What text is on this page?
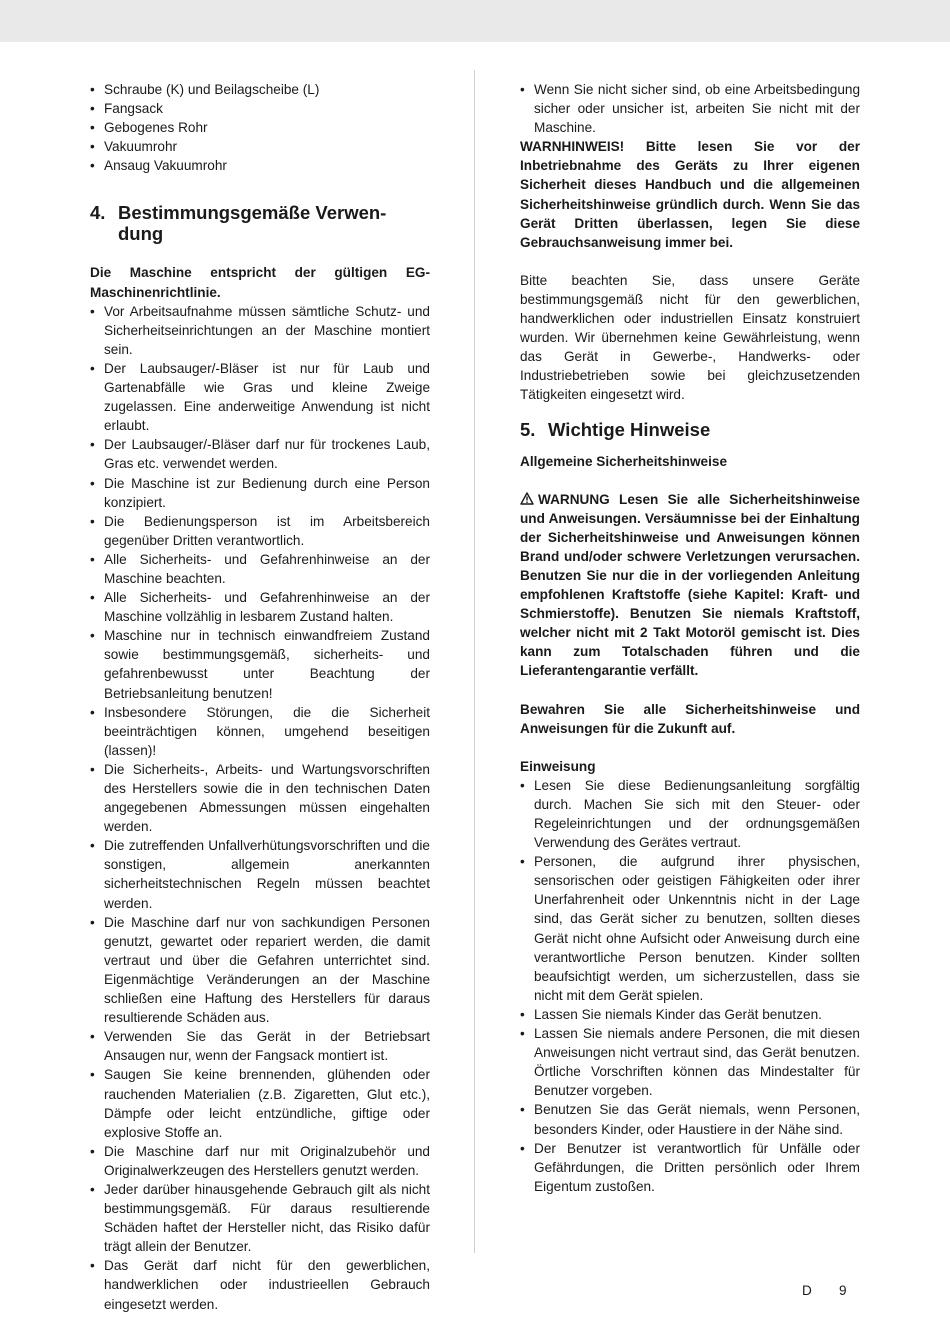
• Schraube (K) und Beilagscheibe (L)
• Fangsack
• Gebogenes Rohr
• Vakuumrohr
• Ansaug Vakuumrohr
4. Bestimmungsgemäße Verwen-dung

Die Maschine entspricht der gültigen EG-Maschinenrichtlinie.

• Vor Arbeitsaufnahme müssen sämtliche Schutz- und Sicherheitseinrichtungen an der Maschine montiert sein.
• Der Laubsauger/-Bläser ist nur für Laub und Gartenabfälle wie Gras und kleine Zweige zugelassen. Eine anderweitige Anwendung ist nicht erlaubt.
• Der Laubsauger/-Bläser darf nur für trockenes Laub, Gras etc. verwendet werden.
• Die Maschine ist zur Bedienung durch eine Person konzipiert.
• Die Bedienungsperson ist im Arbeitsbereich gegenüber Dritten verantwortlich.
• Alle Sicherheits- und Gefahrenhinweise an der Maschine beachten.
• Alle Sicherheits- und Gefahrenhinweise an der Maschine vollzählig in lesbarem Zustand halten.
• Maschine nur in technisch einwandfreiem Zustand sowie bestimmungsgemäß, sicherheits- und gefahrenbewusst unter Beachtung der Betriebsanleitung benutzen!
• Insbesondere Störungen, die die Sicherheit beeinträchtigen können, umgehend beseitigen (lassen)!
• Die Sicherheits-, Arbeits- und Wartungsvorschriften des Herstellers sowie die in den technischen Daten angegebenen Abmessungen müssen eingehalten werden.
• Die zutreffenden Unfallverhütungsvorschriften und die sonstigen, allgemein anerkannten sicherheitstechnischen Regeln müssen beachtet werden.
• Die Maschine darf nur von sachkundigen Personen genutzt, gewartet oder repariert werden, die damit vertraut und über die Gefahren unterrichtet sind. Eigenmächtige Veränderungen an der Maschine schließen eine Haftung des Herstellers für daraus resultierende Schäden aus.
• Verwenden Sie das Gerät in der Betriebsart Ansaugen nur, wenn der Fangsack montiert ist.
• Saugen Sie keine brennenden, glühenden oder rauchenden Materialien (z.B. Zigaretten, Glut etc.), Dämpfe oder leicht entzündliche, giftige oder explosive Stoffe an.
• Die Maschine darf nur mit Originalzubehör und Originalwerkzeugen des Herstellers genutzt werden.
• Jeder darüber hinausgehende Gebrauch gilt als nicht bestimmungsgemäß. Für daraus resultierende Schäden haftet der Hersteller nicht, das Risiko dafür trägt allein der Benutzer.
• Das Gerät darf nicht für den gewerblichen, handwerklichen oder industrieellen Gebrauch eingesetzt werden.
• Wenn Sie nicht sicher sind, ob eine Arbeitsbedingung sicher oder unsicher ist, arbeiten Sie nicht mit der Maschine.

WARNHINWEIS! Bitte lesen Sie vor der Inbetriebnahme des Geräts zu Ihrer eigenen Sicherheit dieses Handbuch und die allgemeinen Sicherheitshinweise gründlich durch. Wenn Sie das Gerät Dritten überlassen, legen Sie diese Gebrauchsanweisung immer bei.

Bitte beachten Sie, dass unsere Geräte bestimmungsgemäß nicht für den gewerblichen, handwerklichen oder industriellen Einsatz konstruiert wurden. Wir übernehmen keine Gewährleistung, wenn das Gerät in Gewerbe-, Handwerks- oder Industriebetrieben sowie bei gleichzusetzenden Tätigkeiten eingesetzt wird.

5. Wichtige Hinweise

Allgemeine Sicherheitshinweise

WARNUNG Lesen Sie alle Sicherheitshinweise und Anweisungen. Versäumnisse bei der Einhaltung der Sicherheitshinweise und Anweisungen können Brand und/oder schwere Verletzungen verursachen. Benutzen Sie nur die in der vorliegenden Anleitung empfohlenen Kraftstoffe (siehe Kapitel: Kraft- und Schmierstoffe). Benutzen Sie niemals Kraftstoff, welcher nicht mit 2 Takt Motoröl gemischt ist. Dies kann zum Totalschaden führen und die Lieferantengarantie verfällt.

Bewahren Sie alle Sicherheitshinweise und Anweisungen für die Zukunft auf.

Einweisung

• Lesen Sie diese Bedienungsanleitung sorgfältig durch. Machen Sie sich mit den Steuer- oder Regeleinrichtungen und der ordnungsgemäßen Verwendung des Gerätes vertraut.
• Personen, die aufgrund ihrer physischen, sensorischen oder geistigen Fähigkeiten oder ihrer Unerfahrenheit oder Unkenntnis nicht in der Lage sind, das Gerät sicher zu benutzen, sollten dieses Gerät nicht ohne Aufsicht oder Anweisung durch eine verantwortliche Person benutzen. Kinder sollten beaufsichtigt werden, um sicherzustellen, dass sie nicht mit dem Gerät spielen.
• Lassen Sie niemals Kinder das Gerät benutzen.
• Lassen Sie niemals andere Personen, die mit diesen Anweisungen nicht vertraut sind, das Gerät benutzen. Örtliche Vorschriften können das Mindestalter für Benutzer vorgeben.
• Benutzen Sie das Gerät niemals, wenn Personen, besonders Kinder, oder Haustiere in der Nähe sind.
• Der Benutzer ist verantwortlich für Unfälle oder Gefährdungen, die Dritten persönlich oder Ihrem Eigentum zustoßen.
D 9
